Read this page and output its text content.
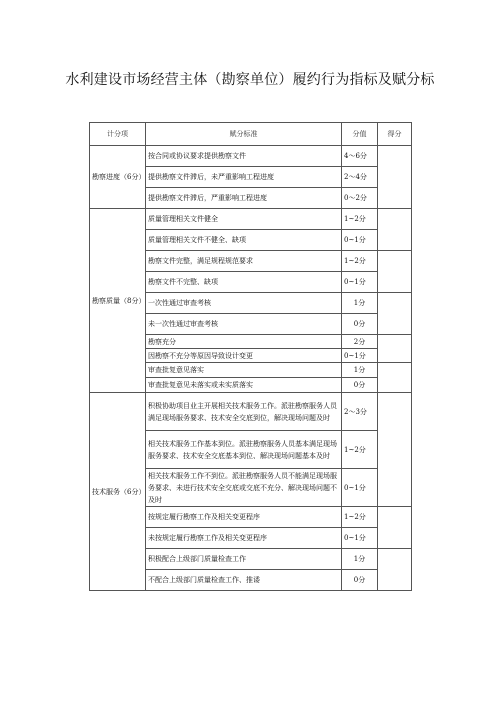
水利建设市场经营主体（勘察单位）履约行为指标及赋分标
计分项	赋分标准	分值	得分
勘察进度（6分）	按合同或协议要求提供勘察文件	4～6分	
	提供勘察文件滞后，未严重影响工程进度	2～4分	
	提供勘察文件滞后，严重影响工程进度	0～2分	
勘察质量（8分）	质量管理相关文件健全	1~2分	
	质量管理相关文件不健全、缺项	0~1分	
	勘察文件完整，满足规程规范要求	1~2分	
	勘察文件不完整、缺项	0~1分	
	一次性通过审查考核	1分	
	未一次性通过审查考核	0分	
	勘察充分	2分	
	因勘察不充分等原因导致设计变更	0~1分	
	审查批复意见落实	1分	
	审查批复意见未落实或未实质落实	0分	
技术服务（6分）	积极协助项目业主开展相关技术服务工作。派驻勘察服务人员满足现场服务要求、技术安全交底到位，解决现场问题及时	2～3分	
	相关技术服务工作基本到位。派驻勘察服务人员基本满足现场服务要求、技术安全交底基本到位、解决现场问题基本及时	1~2分	
	相关技术服务工作不到位。派驻勘察服务人员不能满足现场服务要求、未进行技术安全交底或交底不充分、解决现场问题不及时	0~1分	
	按规定履行勘察工作及相关变更程序	1~2分	
	未按规定履行勘察工作及相关变更程序	0~1分	
	积极配合上级部门质量检查工作	1分	
	不配合上级部门质量检查工作、推诿	0分	
